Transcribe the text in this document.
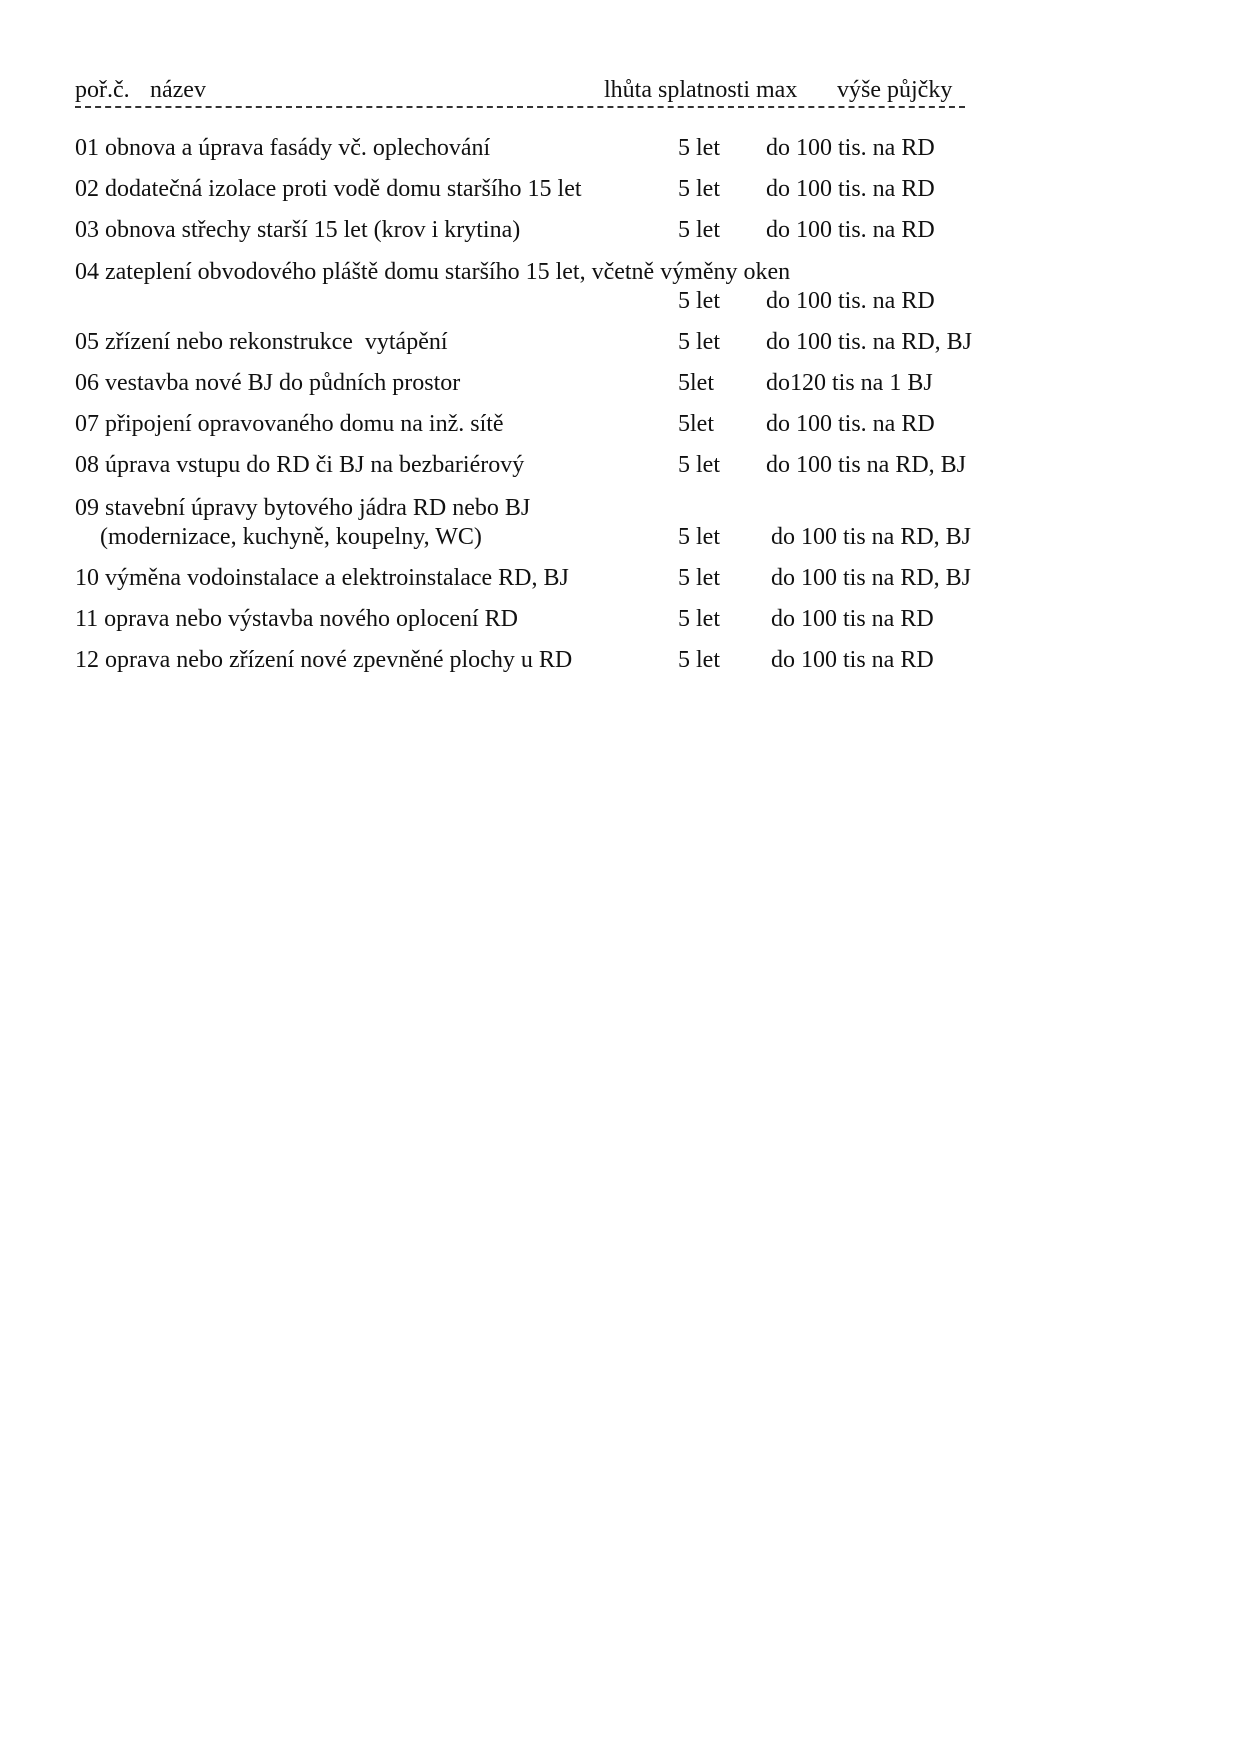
poř.č. název	lhůta splatnosti max výše půjčky
01 obnova a úprava fasády vč. oplechování	5 let do 100 tis. na RD
02 dodatečná izolace proti vodě domu staršího 15 let	5 let do 100 tis. na RD
03 obnova střechy starší 15 let (krov i krytina)	5 let do 100 tis. na RD
04 zateplení obvodového pláště domu staršího 15 let, včetně výměny oken
5 let do 100 tis. na RD
05 zřízení nebo rekonstrukce  vytápění	5 let do 100 tis. na RD, BJ
06 vestavba nové BJ do půdních prostor	5let do120 tis na 1 BJ
07 připojení opravovaného domu na inž. sítě	5let do 100 tis. na RD
08 úprava vstupu do RD či BJ na bezbariérový	5 let do 100 tis na RD, BJ
09 stavební úpravy bytového jádra RD nebo BJ
(modernizace, kuchyně, koupelny, WC)	5 let do 100 tis na RD, BJ
10 výměna vodoinstalace a elektroinstalace RD, BJ	5 let do 100 tis na RD, BJ
11 oprava nebo výstavba nového oplocení RD	5 let do 100 tis na RD
12 oprava nebo zřízení nové zpevněné plochy u RD	5 let do 100 tis na RD
